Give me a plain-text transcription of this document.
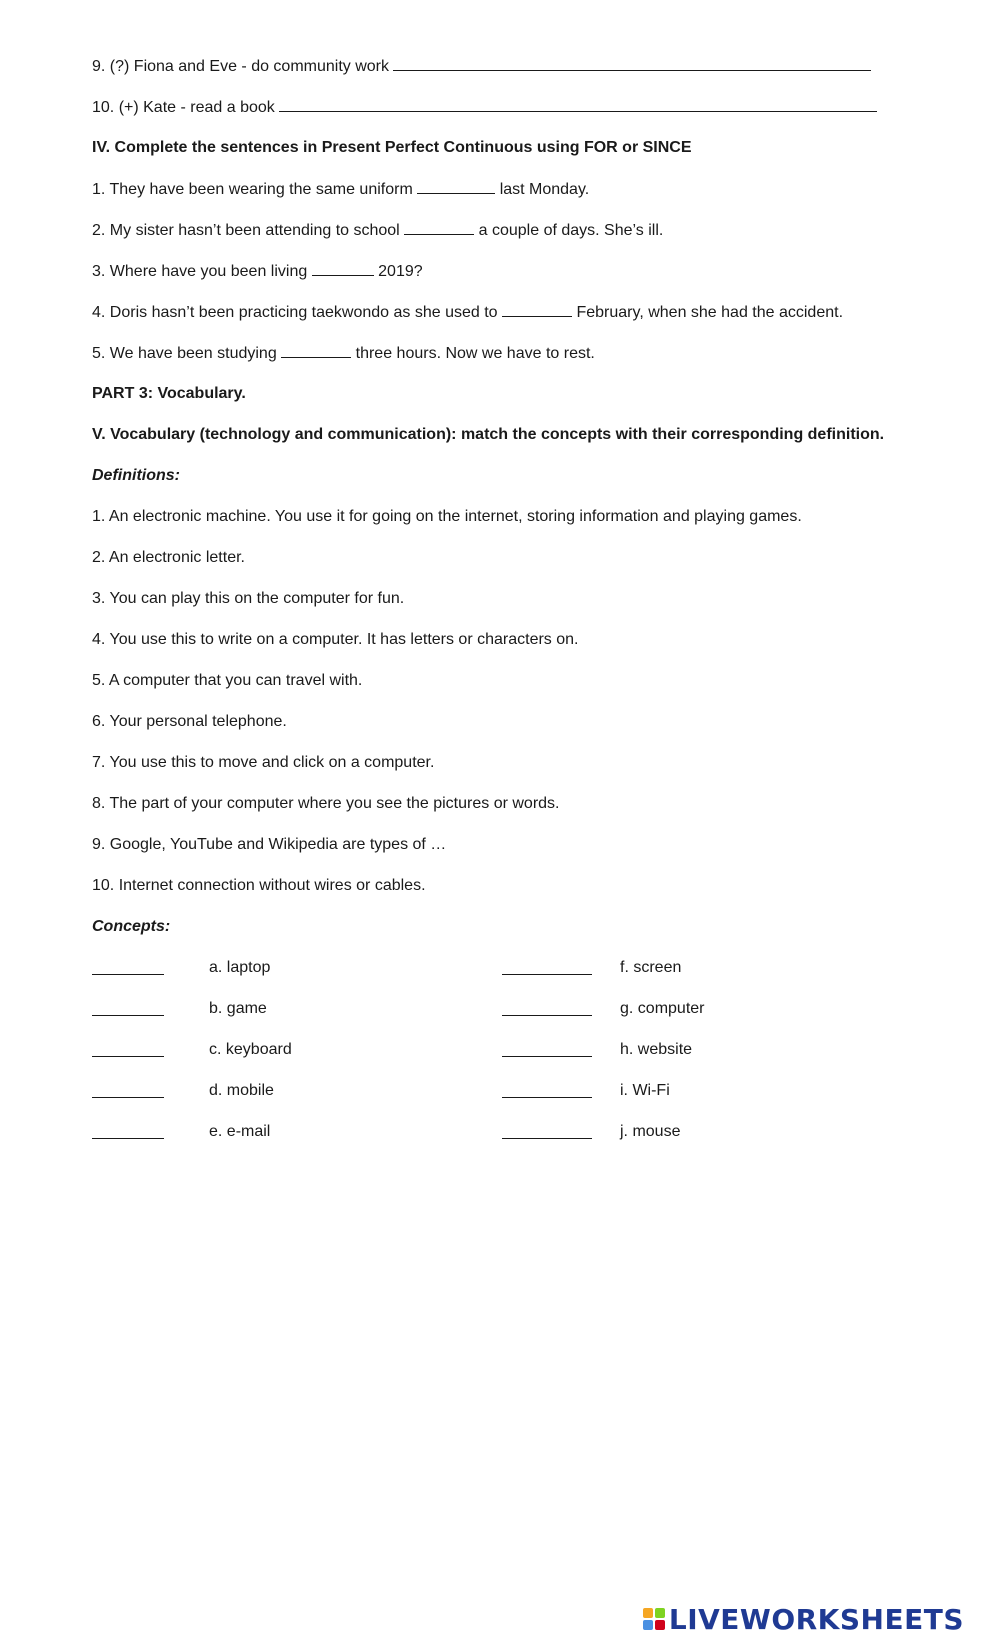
9. (?) Fiona and Eve - do community work
10. (+) Kate - read a book
IV. Complete the sentences in Present Perfect Continuous using FOR or SINCE
1. They have been wearing the same uniform	last Monday.
2. My sister hasn’t been attending to school	a couple of days. She’s ill.
3. Where have you been living	2019?
4. Doris hasn’t been practicing taekwondo as she used to	February, when she had the accident.
5. We have been studying	three hours. Now we have to rest.
PART 3: Vocabulary.
V. Vocabulary (technology and communication): match the concepts with their corresponding definition.
Definitions:
1. An electronic machine. You use it for going on the internet, storing information and playing games.
2. An electronic letter.
3. You can play this on the computer for fun.
4. You use this to write on a computer. It has letters or characters on.
5. A computer that you can travel with.
6. Your personal telephone.
7. You use this to move and click on a computer.
8. The part of your computer where you see the pictures or words.
9. Google, YouTube and Wikipedia are types of …
10. Internet connection without wires or cables.
Concepts:
a. laptop	f. screen
b. game	g. computer
c. keyboard	h. website
d. mobile	i. Wi-Fi
e. e-mail	j. mouse
LIVEWORKSHEETS
